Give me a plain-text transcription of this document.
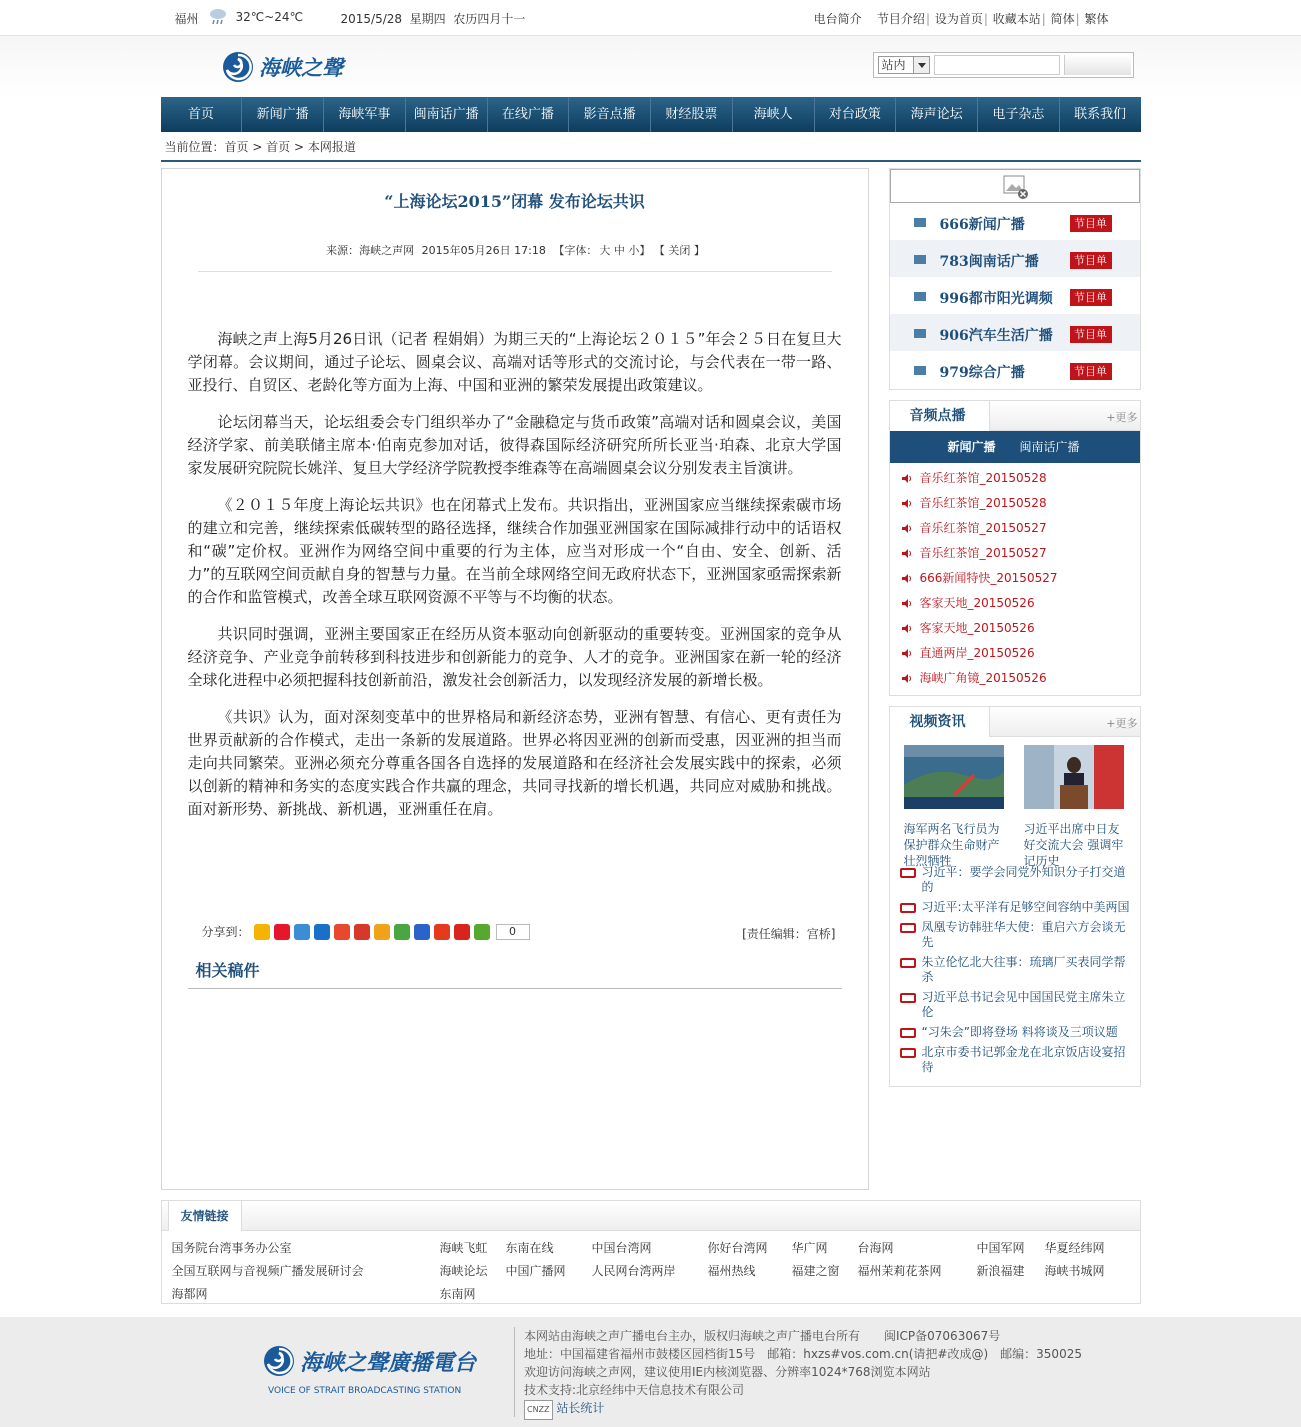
福州	32℃~24℃	2015/5/28 星期四 农历四月十一	电台简介 节目介绍| 设为首页| 收藏本站| 简体| 繁体
海峡之聲	站内
首页	新闻广播	海峡军事	闽南话广播	在线广播	影音点播	财经股票	海峡人	对台政策	海声论坛	电子杂志	联系我们
当前位置：首页 > 首页 > 本网报道
“上海论坛2015”闭幕 发布论坛共识
来源：海峡之声网 2015年05月26日 17:18 【字体： 大 中 小】 【 关闭 】

海峡之声上海5月26日讯（记者 程娟娟）为期三天的“上海论坛２０１５”年会２５日在复旦大学闭幕。会议期间，通过子论坛、圆桌会议、高端对话等形式的交流讨论，与会代表在一带一路、亚投行、自贸区、老龄化等方面为上海、中国和亚洲的繁荣发展提出政策建议。

论坛闭幕当天，论坛组委会专门组织举办了“金融稳定与货币政策”高端对话和圆桌会议，美国经济学家、前美联储主席本·伯南克参加对话，彼得森国际经济研究所所长亚当·珀森、北京大学国家发展研究院院长姚洋、复旦大学经济学院教授李维森等在高端圆桌会议分别发表主旨演讲。

《２０１５年度上海论坛共识》也在闭幕式上发布。共识指出，亚洲国家应当继续探索碳市场的建立和完善，继续探索低碳转型的路径选择，继续合作加强亚洲国家在国际减排行动中的话语权和“碳”定价权。亚洲作为网络空间中重要的行为主体，应当对形成一个“自由、安全、创新、活力”的互联网空间贡献自身的智慧与力量。在当前全球网络空间无政府状态下，亚洲国家亟需探索新的合作和监管模式，改善全球互联网资源不平等与不均衡的状态。

共识同时强调，亚洲主要国家正在经历从资本驱动向创新驱动的重要转变。亚洲国家的竞争从经济竞争、产业竞争前转移到科技进步和创新能力的竞争、人才的竞争。亚洲国家在新一轮的经济全球化进程中必须把握科技创新前沿，激发社会创新活力，以发现经济发展的新增长极。

《共识》认为，面对深刻变革中的世界格局和新经济态势，亚洲有智慧、有信心、更有责任为世界贡献新的合作模式，走出一条新的发展道路。世界必将因亚洲的创新而受惠，因亚洲的担当而走向共同繁荣。亚洲必须充分尊重各国各自选择的发展道路和在经济社会发展实践中的探索，必须以创新的精神和务实的态度实践合作共赢的理念，共同寻找新的增长机遇，共同应对威胁和挑战。面对新形势、新挑战、新机遇，亚洲重任在肩。

分享到：	0	[责任编辑：宫桥]
相关稿件
666新闻广播	节目单
783闽南话广播	节目单
996都市阳光调频	节目单
906汽车生活广播	节目单
979综合广播	节目单
音频点播	+更多
新闻广播 闽南话广播
音乐红茶馆_20150528
音乐红茶馆_20150528
音乐红茶馆_20150527
音乐红茶馆_20150527
666新闻特快_20150527
客家天地_20150526
客家天地_20150526
直通两岸_20150526
海峡广角镜_20150526
视频资讯	+更多
海军两名飞行员为保护群众生命财产壮烈牺牲
习近平出席中日友好交流大会 强调牢记历史
习近平：要学会同党外知识分子打交道的
习近平:太平洋有足够空间容纳中美两国
凤凰专访韩驻华大使：重启六方会谈无先
朱立伦忆北大往事：琉璃厂买表同学帮杀
习近平总书记会见中国国民党主席朱立伦
“习朱会”即将登场 料将谈及三项议题
北京市委书记郭金龙在北京饭店设宴招待
友情链接
国务院台湾事务办公室	海峡飞虹 东南在线	中国台湾网	你好台湾网 华广网 台海网	中国军网 华夏经纬网
全国互联网与音视频广播发展研讨会	海峡论坛 中国广播网 人民网台湾两岸	福州热线	福建之窗 福州茉莉花茶网	新浪福建 海峡书城网
海都网	东南网
海峡之聲廣播電台
VOICE OF STRAIT BROADCASTING STATION
本网站由海峡之声广播电台主办，版权归海峡之声广播电台所有　　闽ICP备07063067号
地址：中国福建省福州市鼓楼区园档街15号　邮箱：hxzs#vos.com.cn(请把#改成@)　邮编：350025
欢迎访问海峡之声网，建议使用IE内核浏览器、分辨率1024*768浏览本网站
技术支持:北京经纬中天信息技术有限公司
CNZZ 站长统计
